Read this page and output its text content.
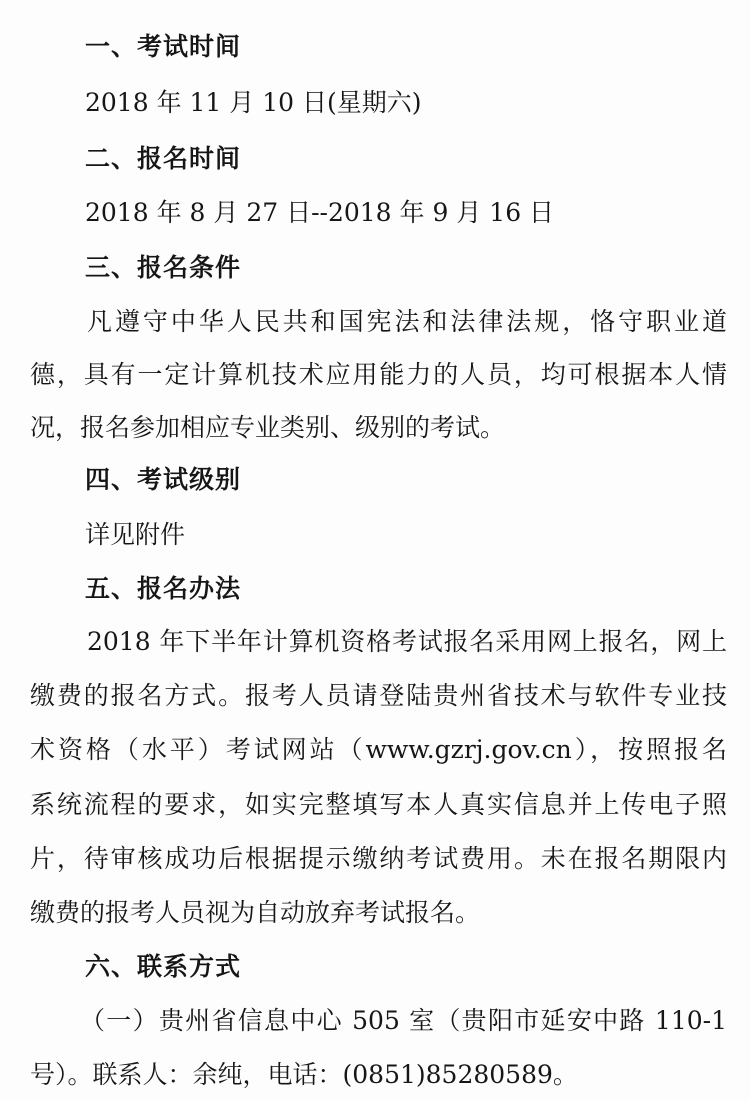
一、考试时间
2018 年 11 月 10 日(星期六)
二、报名时间
2018 年 8 月 27 日--2018 年 9 月 16 日
三、报名条件
凡遵守中华人民共和国宪法和法律法规，恪守职业道
德，具有一定计算机技术应用能力的人员，均可根据本人情
况，报名参加相应专业类别、级别的考试。
四、考试级别
详见附件
五、报名办法
2018 年下半年计算机资格考试报名采用网上报名，网上
缴费的报名方式。报考人员请登陆贵州省技术与软件专业技
术资格（水平）考试网站（www.gzrj.gov.cn），按照报名
系统流程的要求，如实完整填写本人真实信息并上传电子照
片，待审核成功后根据提示缴纳考试费用。未在报名期限内
缴费的报考人员视为自动放弃考试报名。
六、联系方式
（一）贵州省信息中心 505 室（贵阳市延安中路 110-1
号）。联系人：余纯，电话：(0851)85280589。
